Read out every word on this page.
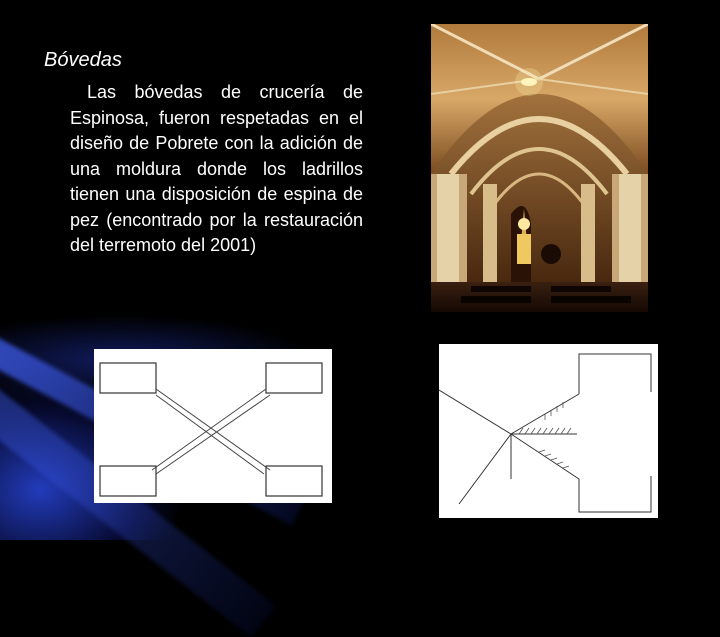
Bóvedas

Las bóvedas de crucería de Espinosa, fueron respetadas en el diseño de Pobrete con la adición de una moldura donde los ladrillos tienen una disposición de espina de pez (encontrado por la restauración del terremoto del 2001)
